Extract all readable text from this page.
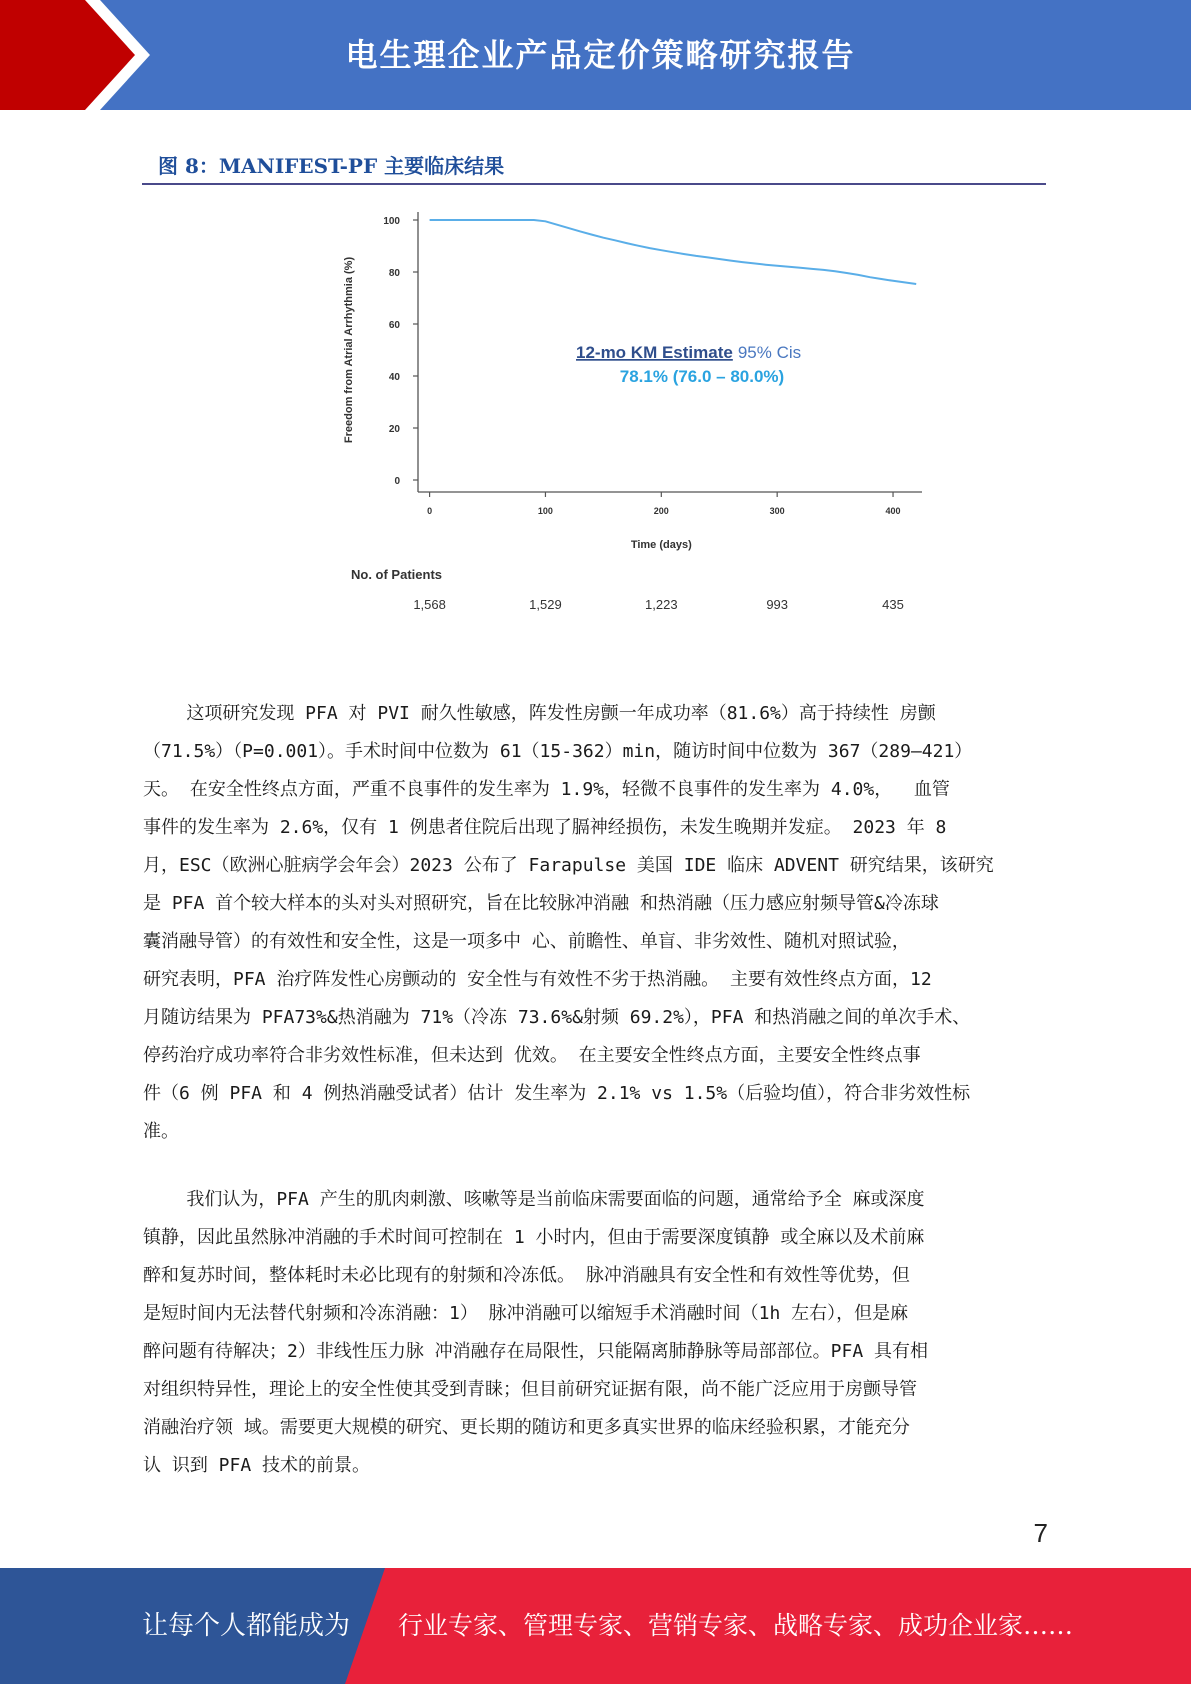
电生理企业产品定价策略研究报告
图 8：MANIFEST-PF 主要临床结果
0
20
40
60
80
100
0	100	200	300	400
Freedom from Atrial Arrhythmia (%)
Time (days)
12-mo KM Estimate 95% Cis
78.1% (76.0 – 80.0%)
No. of Patients
1,568	1,529	1,223	993	435
这项研究发现 PFA 对 PVI 耐久性敏感，阵发性房颤一年成功率（81.6%）高于持续性 房颤
（71.5%）（P=0.001）。手术时间中位数为 61（15-362）min，随访时间中位数为 367（289–421）
天。 在安全性终点方面，严重不良事件的发生率为 1.9%，轻微不良事件的发生率为 4.0%，  血管
事件的发生率为 2.6%，仅有 1 例患者住院后出现了膈神经损伤，未发生晚期并发症。 2023 年 8
月，ESC（欧洲心脏病学会年会）2023 公布了 Farapulse 美国 IDE 临床 ADVENT 研究结果，该研究
是 PFA 首个较大样本的头对头对照研究，旨在比较脉冲消融 和热消融（压力感应射频导管&冷冻球
囊消融导管）的有效性和安全性，这是一项多中 心、前瞻性、单盲、非劣效性、随机对照试验，
研究表明，PFA 治疗阵发性心房颤动的 安全性与有效性不劣于热消融。 主要有效性终点方面，12
月随访结果为 PFA73%&热消融为 71%（冷冻 73.6%&射频 69.2%），PFA 和热消融之间的单次手术、
停药治疗成功率符合非劣效性标准，但未达到 优效。 在主要安全性终点方面，主要安全性终点事
件（6 例 PFA 和 4 例热消融受试者）估计 发生率为 2.1% vs 1.5%（后验均值），符合非劣效性标
准。
我们认为，PFA 产生的肌肉刺激、咳嗽等是当前临床需要面临的问题，通常给予全 麻或深度
镇静，因此虽然脉冲消融的手术时间可控制在 1 小时内，但由于需要深度镇静 或全麻以及术前麻
醉和复苏时间，整体耗时未必比现有的射频和冷冻低。 脉冲消融具有安全性和有效性等优势，但
是短时间内无法替代射频和冷冻消融：1） 脉冲消融可以缩短手术消融时间（1h 左右），但是麻
醉问题有待解决；2）非线性压力脉 冲消融存在局限性，只能隔离肺静脉等局部部位。PFA 具有相
对组织特异性，理论上的安全性使其受到青睐；但目前研究证据有限，尚不能广泛应用于房颤导管
消融治疗领 域。需要更大规模的研究、更长期的随访和更多真实世界的临床经验积累，才能充分
认 识到 PFA 技术的前景。
7
让每个人都能成为 行业专家、管理专家、营销专家、战略专家、成功企业家……
